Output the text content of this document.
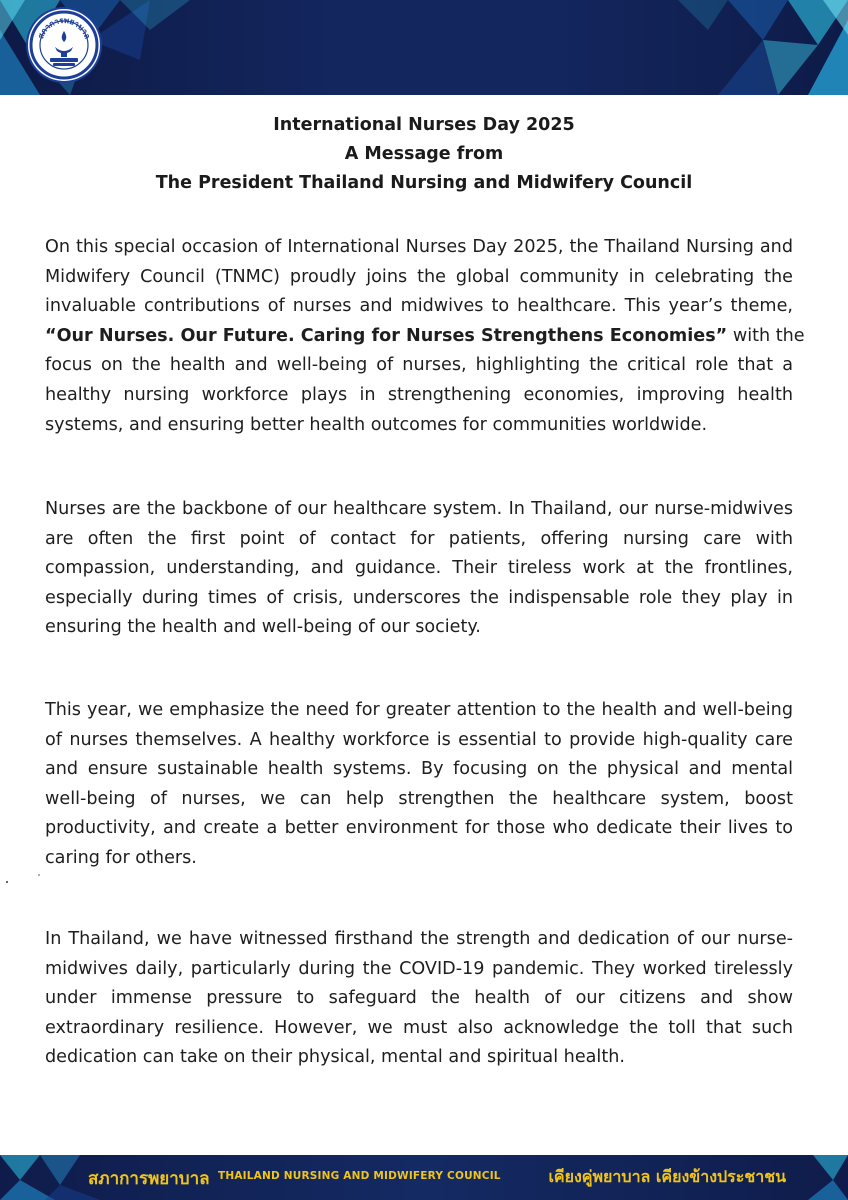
สภาการพยาบาล
International Nurses Day 2025
A Message from
The President Thailand Nursing and Midwifery Council
On this special occasion of International Nurses Day 2025, the Thailand Nursing and
Midwifery Council (TNMC) proudly joins the global community in celebrating the
invaluable contributions of nurses and midwives to healthcare. This year’s theme,
“Our Nurses. Our Future. Caring for Nurses Strengthens Economies” with the
focus on the health and well-being of nurses, highlighting the critical role that a
healthy nursing workforce plays in strengthening economies, improving health
systems, and ensuring better health outcomes for communities worldwide.
Nurses are the backbone of our healthcare system. In Thailand, our nurse-midwives
are often the first point of contact for patients, offering nursing care with
compassion, understanding, and guidance. Their tireless work at the frontlines,
especially during times of crisis, underscores the indispensable role they play in
ensuring the health and well-being of our society.
This year, we emphasize the need for greater attention to the health and well-being
of nurses themselves. A healthy workforce is essential to provide high-quality care
and ensure sustainable health systems. By focusing on the physical and mental
well-being of nurses, we can help strengthen the healthcare system, boost
productivity, and create a better environment for those who dedicate their lives to
caring for others.
In Thailand, we have witnessed firsthand the strength and dedication of our nurse-
midwives daily, particularly during the COVID-19 pandemic. They worked tirelessly
under immense pressure to safeguard the health of our citizens and show
extraordinary resilience. However, we must also acknowledge the toll that such
dedication can take on their physical, mental and spiritual health.
สภาการพยาบาล THAILAND NURSING AND MIDWIFERY COUNCIL	เคียงคู่พยาบาล เคียงข้างประชาชน
